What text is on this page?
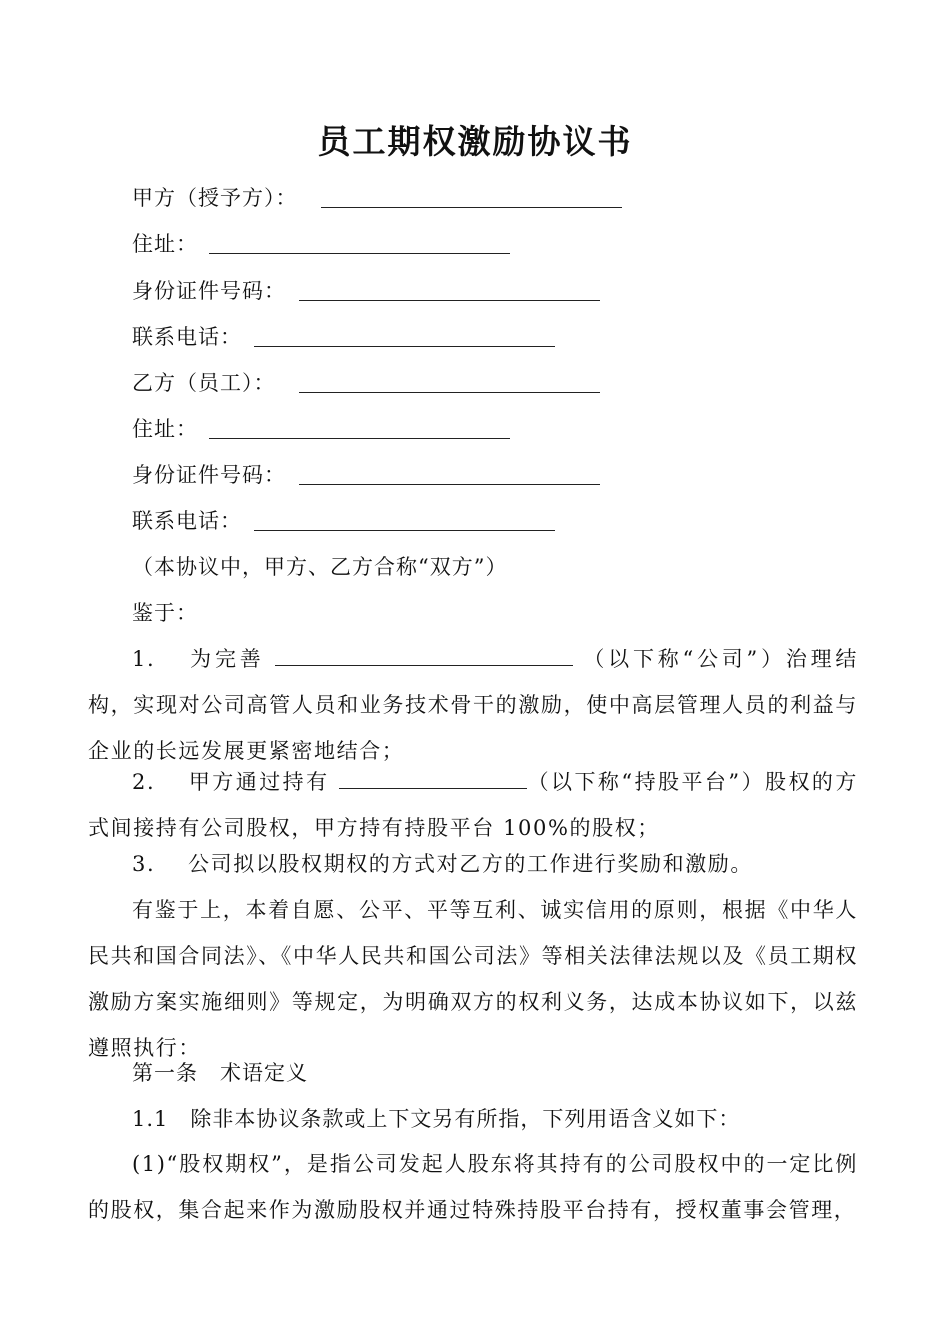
员工期权激励协议书
甲方（授予方）：
住址：
身份证件号码：
联系电话：
乙方（员工）：
住址：
身份证件号码：
联系电话：
（本协议中，甲方、乙方合称“双方”）
鉴于：
1. 为完善	（以下称“公司”）治理结构，实现对公司高管人员和业务技术骨干的激励，使中高层管理人员的利益与企业的长远发展更紧密地结合；
2. 甲方通过持有	（以下称“持股平台”）股权的方式间接持有公司股权，甲方持有持股平台 100%的股权；
3. 公司拟以股权期权的方式对乙方的工作进行奖励和激励。
有鉴于上，本着自愿、公平、平等互利、诚实信用的原则，根据《中华人民共和国合同法》、《中华人民共和国公司法》等相关法律法规以及《员工期权激励方案实施细则》等规定，为明确双方的权利义务，达成本协议如下，以兹遵照执行：
第一条　术语定义
1.1　除非本协议条款或上下文另有所指，下列用语含义如下：
(1)“股权期权”，是指公司发起人股东将其持有的公司股权中的一定比例的股权，集合起来作为激励股权并通过特殊持股平台持有，授权董事会管理，
